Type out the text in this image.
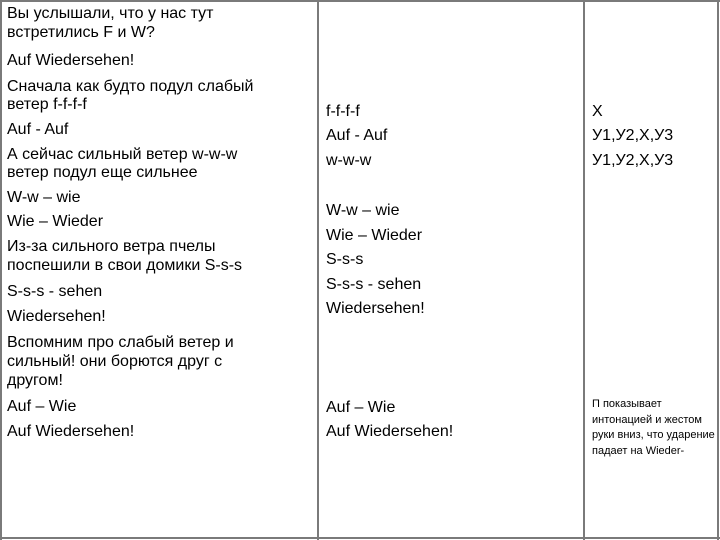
Вы услышали, что у нас тут
встретились F и W?
Auf Wiedersehen!
Сначала как будто подул слабый
ветер f-f-f-f
Auf - Auf
А сейчас сильный ветер w-w-w
ветер подул еще сильнее
W-w – wie
Wie – Wieder
Из-за сильного ветра пчелы
поспешили в свои домики S-s-s
S-s-s - sehen
Wiedersehen!
Вспомним про слабый ветер и
сильный! они борются друг с
другом!
Auf – Wie
Auf Wiedersehen!
f-f-f-f
Auf - Auf
w-w-w
W-w – wie
Wie – Wieder
S-s-s
S-s-s - sehen
Wiedersehen!
Auf – Wie
Auf Wiedersehen!
X
У1,У2,Х,У3
У1,У2,Х,У3
П показывает интонацией и жестом руки вниз, что ударение падает на Wieder-
